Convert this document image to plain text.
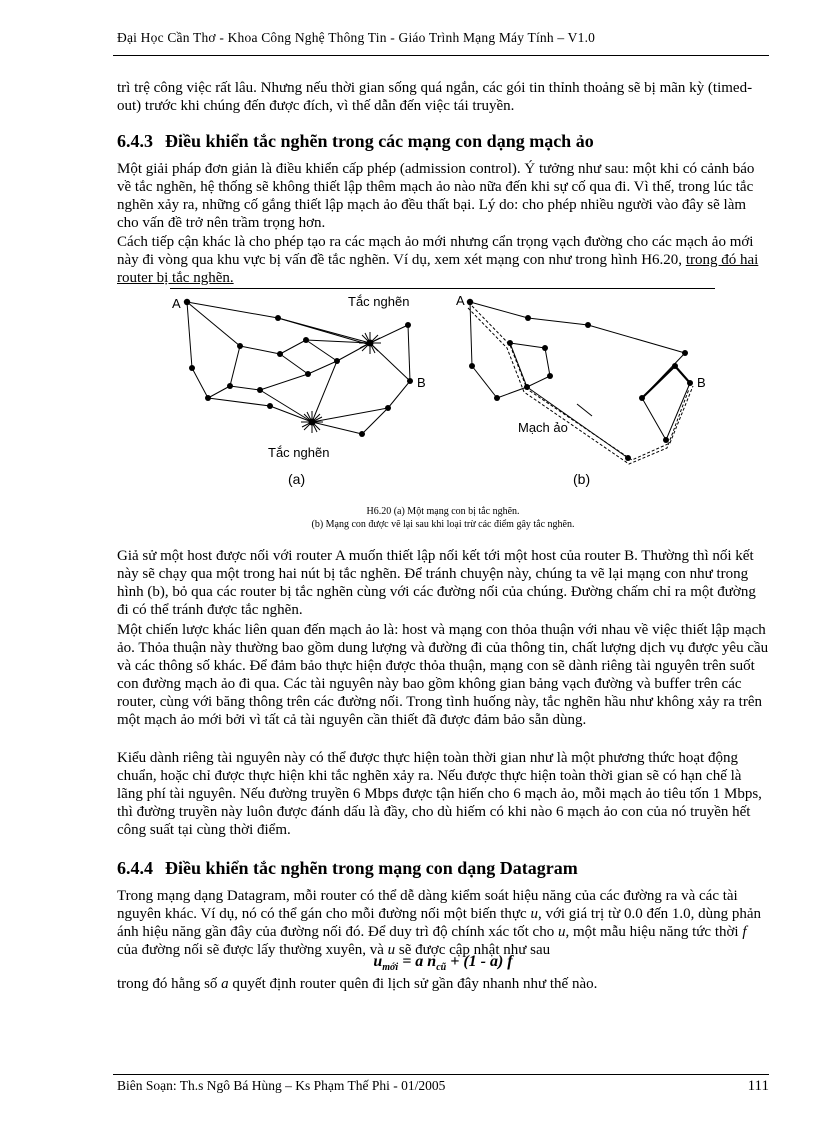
Đại Học Cần Thơ - Khoa Công Nghệ Thông Tin - Giáo Trình Mạng Máy Tính – V1.0

trì trệ công việc rất lâu. Nhưng nếu thời gian sống quá ngắn, các gói tin thỉnh thoảng sẽ bị mãn kỳ (timed-out) trước khi chúng đến được đích, vì thế dẫn đến việc tái truyền.

6.4.3 Điều khiển tắc nghẽn trong các mạng con dạng mạch ảo

Một giải pháp đơn giản là điều khiển cấp phép (admission control). Ý tưởng như sau: một khi có cảnh báo về tắc nghẽn, hệ thống sẽ không thiết lập thêm mạch ảo nào nữa đến khi sự cố qua đi. Vì thế, trong lúc tắc nghẽn xảy ra, những cố gắng thiết lập mạch ảo đều thất bại. Lý do: cho phép nhiều người vào đây sẽ làm cho vấn đề trở nên trầm trọng hơn.

Cách tiếp cận khác là cho phép tạo ra các mạch ảo mới nhưng cẩn trọng vạch đường cho các mạch ảo mới này đi vòng qua khu vực bị vấn đề tắc nghẽn. Ví dụ, xem xét mạng con như trong hình H6.20, trong đó hai router bị tắc nghẽn.

A
B
Tắc nghẽn
Tắc nghẽn
(a)
A
B
Mạch ảo
(b)
H6.20 (a) Một mạng con bị tắc nghẽn.
(b) Mạng con được vẽ lại sau khi loại trừ các điểm gây tắc nghẽn.

Giả sử một host được nối với router A muốn thiết lập nối kết tới một host của router B. Thường thì nối kết này sẽ chạy qua một trong hai nút bị tắc nghẽn. Để tránh chuyện này, chúng ta vẽ lại mạng con như trong hình (b), bỏ qua các router bị tắc nghẽn cùng với các đường nối của chúng. Đường chấm chỉ ra một đường đi có thể tránh được tắc nghẽn.

Một chiến lược khác liên quan đến mạch ảo là: host và mạng con thỏa thuận với nhau về việc thiết lập mạch ảo. Thỏa thuận này thường bao gồm dung lượng và đường đi của thông tin, chất lượng dịch vụ được yêu cầu và các thông số khác. Để đảm bảo thực hiện được thỏa thuận, mạng con sẽ dành riêng tài nguyên trên suốt con đường mạch ảo đi qua. Các tài nguyên này bao gồm không gian bảng vạch đường và buffer trên các router, cùng với băng thông trên các đường nối. Trong tình huống này, tắc nghẽn hầu như không xảy ra trên một mạch ảo mới bởi vì tất cả tài nguyên cần thiết đã được đảm bảo sẵn dùng.

Kiểu dành riêng tài nguyên này có thể được thực hiện toàn thời gian như là một phương thức hoạt động chuẩn, hoặc chỉ được thực hiện khi tắc nghẽn xảy ra. Nếu được thực hiện toàn thời gian sẽ có hạn chế là lãng phí tài nguyên. Nếu đường truyền 6 Mbps được tận hiến cho 6 mạch ảo, mỗi mạch ảo tiêu tốn 1 Mbps, thì đường truyền này luôn được đánh dấu là đầy, cho dù hiếm có khi nào 6 mạch ảo con của nó truyền hết công suất tại cùng thời điểm.

6.4.4 Điều khiển tắc nghẽn trong mạng con dạng Datagram

Trong mạng dạng Datagram, mỗi router có thể dễ dàng kiểm soát hiệu năng của các đường ra và các tài nguyên khác. Ví dụ, nó có thể gán cho mỗi đường nối một biến thực u, với giá trị từ 0.0 đến 1.0, dùng phản ánh hiệu năng gần đây của đường nối đó. Để duy trì độ chính xác tốt cho u, một mẫu hiệu năng tức thời f của đường nối sẽ được lấy thường xuyên, và u sẽ được cập nhật như sau

$u_{mới} = a$ $n_{cũ} + (1 - a)$ f

trong đó hằng số a quyết định router quên đi lịch sử gần đây nhanh như thế nào.

Biên Soạn: Th.s Ngô Bá Hùng – Ks Phạm Thế Phi - 01/2005	111
